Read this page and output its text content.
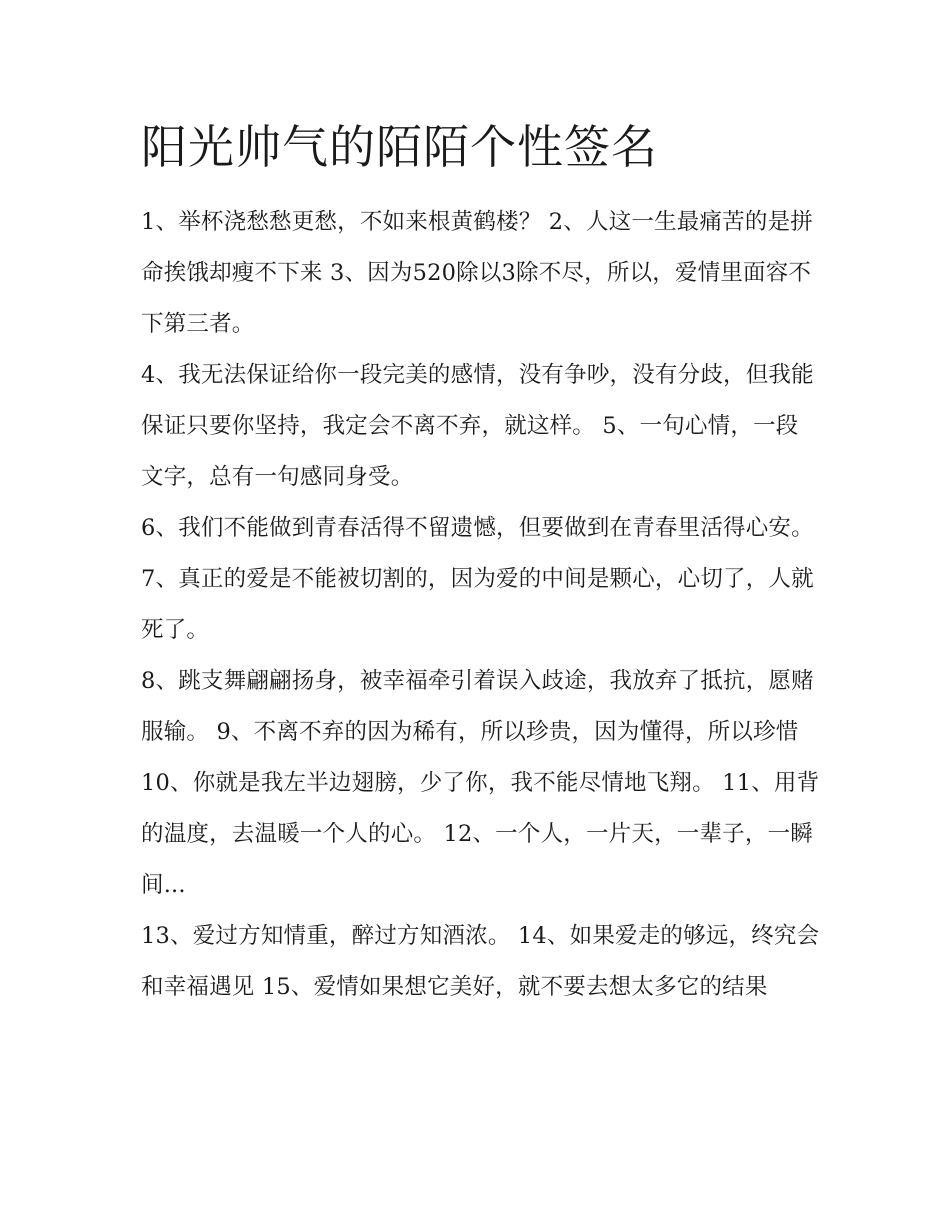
阳光帅气的陌陌个性签名

1、举杯浇愁愁更愁，不如来根黄鹤楼？ 2、人这一生最痛苦的是拼命挨饿却瘦不下来 3、因为520除以3除不尽，所以，爱情里面容不下第三者。

4、我无法保证给你一段完美的感情，没有争吵，没有分歧，但我能保证只要你坚持，我定会不离不弃，就这样。 5、一句心情，一段文字，总有一句感同身受。

6、我们不能做到青春活得不留遗憾，但要做到在青春里活得心安。 7、真正的爱是不能被切割的，因为爱的中间是颗心，心切了，人就死了。

8、跳支舞翩翩扬身，被幸福牵引着误入歧途，我放弃了抵抗，愿赌服输。 9、不离不弃的因为稀有，所以珍贵，因为懂得，所以珍惜

10、你就是我左半边翅膀，少了你，我不能尽情地飞翔。 11、用背的温度，去温暖一个人的心。 12、一个人，一片天，一辈子，一瞬间...

13、爱过方知情重，醉过方知酒浓。 14、如果爱走的够远，终究会和幸福遇见 15、爱情如果想它美好，就不要去想太多它的结果
